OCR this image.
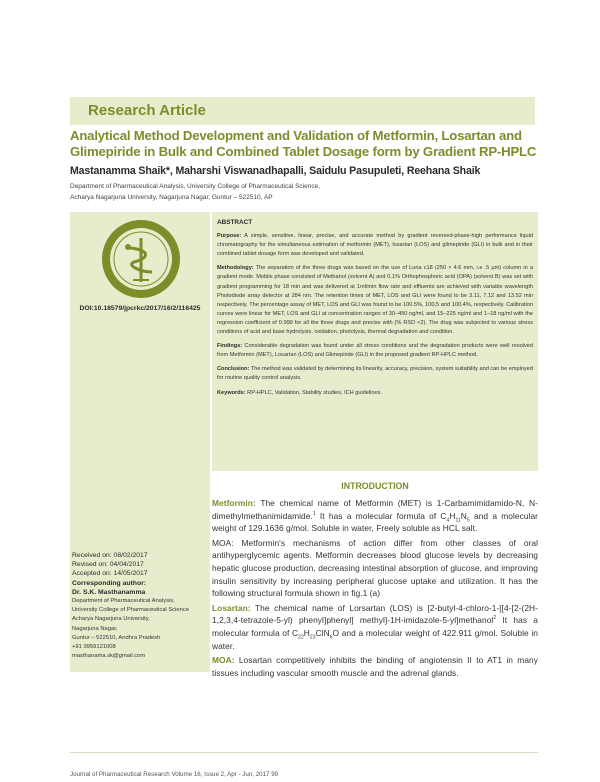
Research Article
Analytical Method Development and Validation of Metformin, Losartan and Glimepiride in Bulk and Combined Tablet Dosage form by Gradient RP-HPLC
Mastanamma Shaik*, Maharshi Viswanadhapalli, Saidulu Pasupuleti, Reehana Shaik
Department of Pharmaceutical Analysis, University College of Pharmaceutical Science,
Acharya Nagarjuna University, Nagarjuna Nagar, Guntur – 522510, AP
DOI:10.18579/jpcrkc/2017/16/2/116425
ABSTRACT
Purpose: A simple, sensitive, linear, precise, and accurate method by gradient reversed-phase-high performance liquid chromatography for the simultaneous estimation of metformin (MET), losartan (LOS) and glimepiride (GLI) in bulk and in their combined tablet dosage form was developed and validated.
Methodology: The separation of the three drugs was based on the use of Luna c18 (250 × 4.6 mm, i.e .5 μm) column in a gradient mode. Mobile phase consisted of Methanol (solvent A) and 0.1% Orthophosphoric acid (OPA) (solvent B) was set with gradient programming for 18 min and was delivered at 1ml/min flow rate and effluents are achieved with variable wavelength Photodiode array detector at 284 nm. The retention times of MET, LOS and GLI were found to be 3.11, 7.12 and 13.52 min respectively. The percentage assay of MET, LOS and GLI was found to be 100.5%, 100.5 and 100.4%, respectively. Calibration curves were linear for MET, LOS and GLI at concentration ranges of 30–450 ng/ml, and 15–225 ng/ml and 1–18 ng/ml with the regression coefficient of 0.999 for all the three drugs and precise with (% RSD <2). The drug was subjected to various stress conditions of acid and base hydrolysis, oxidation, photolysis, thermal degradation and condition.
Findings: Considerable degradation was found under all stress conditions and the degradation products were well resolved from Metformin (MET), Losartan (LOS) and Glimepiride (GLI) in the proposed gradient RP-HPLC method.
Conclusion: The method was validated by determining its linearity, accuracy, precision, system suitability and can be employed for routine quality control analysis.
Keywords: RP-HPLC, Validation, Stability studies, ICH guidelines.
Received on: 08/02/2017
Revised on: 04/04/2017
Accepted on: 14/05/2017
Corresponding author:
Dr. S.K. Masthanamma
Department of Pharmaceutical Analysis,
University College of Pharmaceutical Science
Acharya Nagarjuna University,
Nagarjuna Nagar,
Guntur – 522510, Andhra Pradesh
+91 9959121008
masthanama.sk@gmail.com
INTRODUCTION

Metformin: The chemical name of Metformin (MET) is 1-Carbamimidamido-N, N-dimethylmethanimidamide.$^1$ It has a molecular formula of $C_4H_{11}N_5$ and a molecular weight of 129.1636 g/mol. Soluble in water, Freely soluble as HCL salt.

MOA: Metformin's mechanisms of action differ from other classes of oral antihyperglycemic agents. Metformin decreases blood glucose levels by decreasing hepatic glucose production, decreasing intestinal absorption of glucose, and improving insulin sensitivity by increasing peripheral glucose uptake and utilization. It has the following structural formula shown in fig.1 (a)

Losartan: The chemical name of Lorsartan (LOS) is [2-butyl-4-chloro-1-[[4-[2-(2H-1,2,3,4-tetrazole-5-yl) phenyl]phenyl] methyl]-1H-imidazole-5-yl]methanol$^2$ It has a molecular formula of $C_{22}H_{23}ClN_6O$ and a molecular weight of 422.911 g/mol. Soluble in water.

MOA: Losartan competitively inhibits the binding of angiotensin II to AT1 in many tissues including vascular smooth muscle and the adrenal glands.

Journal of Pharmaceutical Research Volume 16, Issue 2, Apr - Jun, 2017 99
